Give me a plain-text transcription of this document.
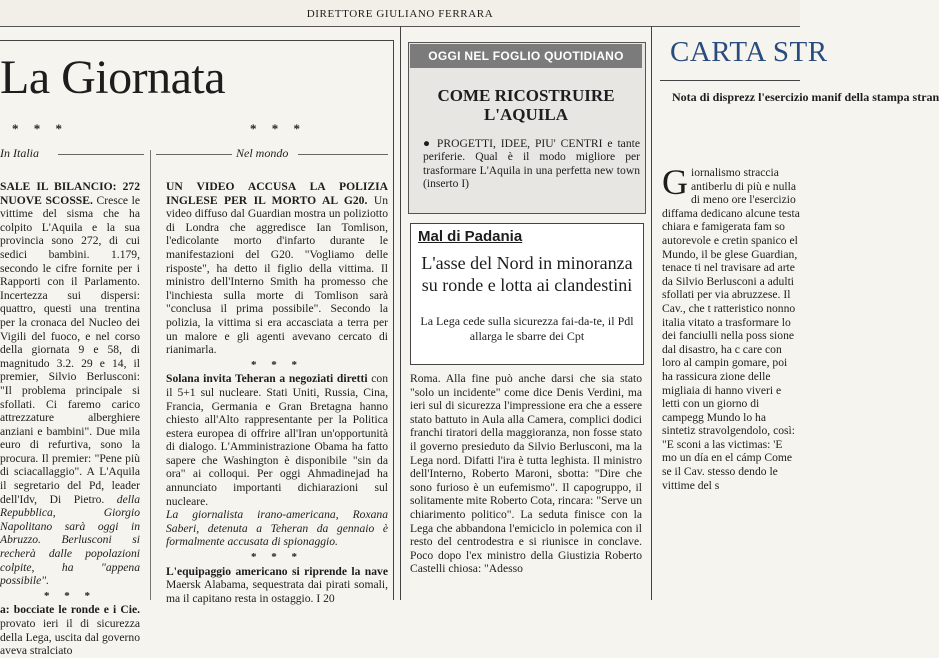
DIRETTORE GIULIANO FERRARA
La Giornata
* * *	* * *
In Italia	Nel mondo

SALE IL BILANCIO: 272 NUOVE SCOSSE. Cresce le vittime del sisma che ha colpito L'Aquila e la sua provincia sono 272, di cui sedici bambini. 1.179, secondo le cifre fornite per i Rapporti con il Parlamento. Incertezza sui dispersi: quattro, questi una trentina per la cronaca del Nucleo dei Vigili del fuoco, e nel corso della giornata 9 e 58, di magnitudo 3.2. 29 e 14, il premier, Silvio Berlusconi: "Il problema principale si sfollati. Ci faremo carico attrezzature alberghiere anziani e bambini". Due mila euro di refurtiva, sono la procura. Il premier: "Pene più di sciacallaggio". A L'Aquila il segretario del Pd, leader dell'Idv, Di Pietro. della Repubblica, Giorgio Napolitano sarà oggi in Abruzzo. Berlusconi si recherà dalle popolazioni colpite, ha "appena possibile".

* * *

a: bocciate le ronde e i Cie. provato ieri il di sicurezza della Lega, uscita dal governo aveva stralciato

UN VIDEO ACCUSA LA POLIZIA INGLESE PER IL MORTO AL G20. Un video diffuso dal Guardian mostra un poliziotto di Londra che aggredisce Ian Tomlison, l'edicolante morto d'infarto durante le manifestazioni del G20. "Vogliamo delle risposte", ha detto il figlio della vittima. Il ministro dell'Interno Smith ha promesso che l'inchiesta sulla morte di Tomlison sarà "conclusa il prima possibile". Secondo la polizia, la vittima si era accasciata a terra per un malore e gli agenti avevano cercato di rianimarla.

* * *

Solana invita Teheran a negoziati diretti con il 5+1 sul nucleare. Stati Uniti, Russia, Cina, Francia, Germania e Gran Bretagna hanno chiesto all'Alto rappresentante per la Politica estera europea di offrire all'Iran un'opportunità di dialogo. L'Amministrazione Obama ha fatto sapere che Washington è disponibile "sin da ora" ai colloqui. Per oggi Ahmadinejad ha annunciato importanti dichiarazioni sul nucleare.

La giornalista irano-americana, Roxana Saberi, detenuta a Teheran da gennaio è formalmente accusata di spionaggio.

* * *

L'equipaggio americano si riprende la nave Maersk Alabama, sequestrata dai pirati somali, ma il capitano resta in ostaggio. I 20

OGGI NEL FOGLIO QUOTIDIANO
COME RICOSTRUIRE L'AQUILA
● PROGETTI, IDEE, PIU' CENTRI e tante periferie. Qual è il modo migliore per trasformare L'Aquila in una perfetta new town (inserto I)
Mal di Padania
L'asse del Nord in minoranza su ronde e lotta ai clandestini
La Lega cede sulla sicurezza fai-da-te, il Pdl allarga le sbarre dei Cpt

Roma. Alla fine può anche darsi che sia stato "solo un incidente" come dice Denis Verdini, ma ieri sul di sicurezza l'impressione era che a essere stato battuto in Aula alla Camera, complici dodici franchi tiratori della maggioranza, non fosse stato il governo presieduto da Silvio Berlusconi, ma la Lega nord. Difatti l'ira è tutta leghista. Il ministro dell'Interno, Roberto Maroni, sbotta: "Dire che sono furioso è un eufemismo". Il capogruppo, il solitamente mite Roberto Cota, rincara: "Serve un chiarimento politico". La seduta finisce con la Lega che abbandona l'emiciclo in polemica con il resto del centrodestra e si riunisce in conclave. Poco dopo l'ex ministro della Giustizia Roberto Castelli chiosa: "Adesso

CARTA STR
Nota di disprezz l'esercizio manif della stampa stran

Giornalismo straccia antiberlu di più e nulla di meno ore l'esercizio diffama dedicano alcune testa chiara e famigerata fam so autorevole e cretin spanico el Mundo, il be glese Guardian, tenace ti nel travisare ad arte da Silvio Berlusconi a adulti sfollati per via abruzzese. Il Cav., che t ratteristico nonno italia vitato a trasformare lo dei fanciulli nella poss sione dal disastro, ha c care con loro al campin gomare, poi ha rassicura zione delle migliaia di hanno viveri e letti con un giorno di campegg Mundo lo ha sintetiz stravolgendolo, così: "E sconi a las victimas: 'E mo un día en el cámp Come se il Cav. stesso dendo le vittime del s
